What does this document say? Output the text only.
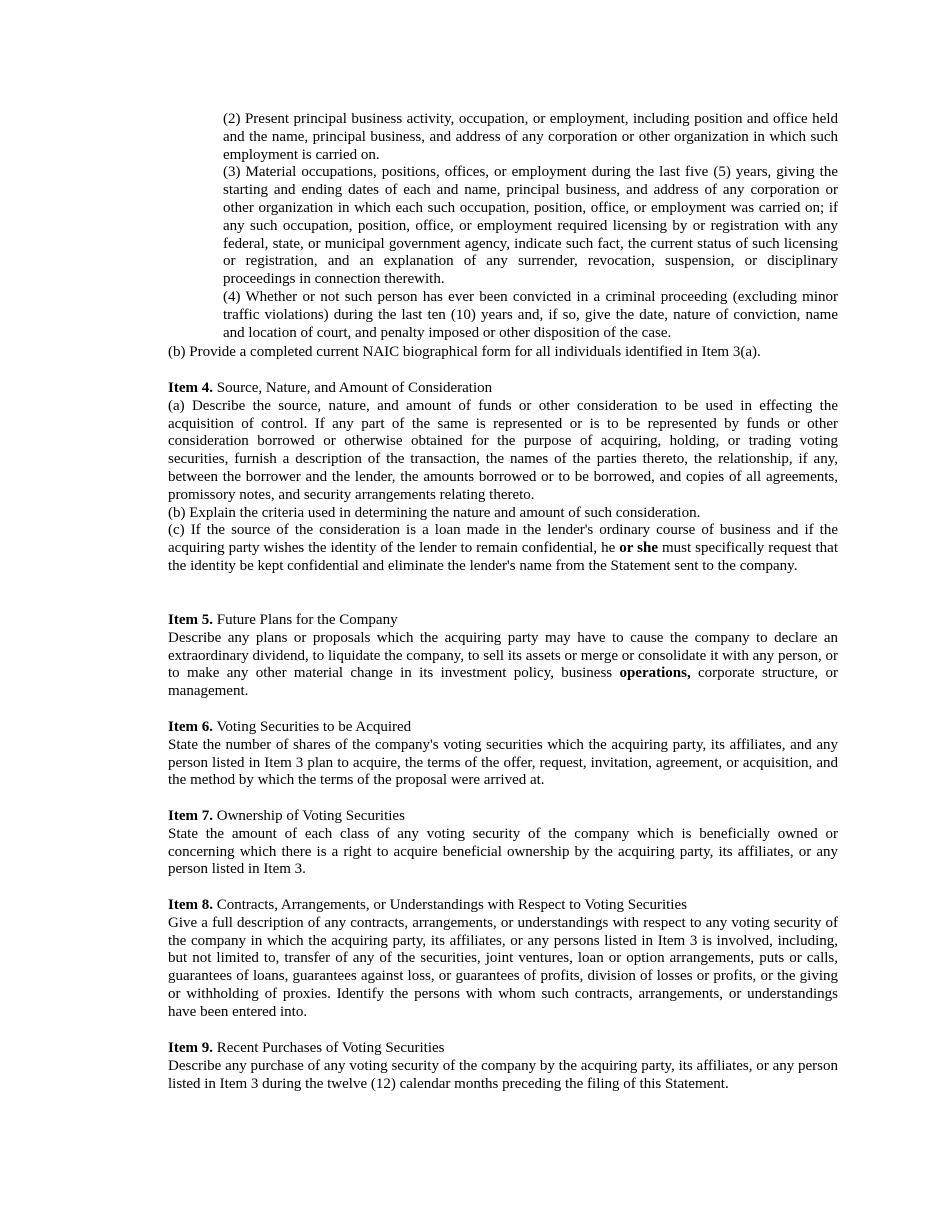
(2) Present principal business activity, occupation, or employment, including position and office held and the name, principal business, and address of any corporation or other organization in which such employment is carried on.

(3) Material occupations, positions, offices, or employment during the last five (5) years, giving the starting and ending dates of each and name, principal business, and address of any corporation or other organization in which each such occupation, position, office, or employment was carried on; if any such occupation, position, office, or employment required licensing by or registration with any federal, state, or municipal government agency, indicate such fact, the current status of such licensing or registration, and an explanation of any surrender, revocation, suspension, or disciplinary proceedings in connection therewith.

(4) Whether or not such person has ever been convicted in a criminal proceeding (excluding minor traffic violations) during the last ten (10) years and, if so, give the date, nature of conviction, name and location of court, and penalty imposed or other disposition of the case.

(b) Provide a completed current NAIC biographical form for all individuals identified in Item 3(a).

Item 4. Source, Nature, and Amount of Consideration

(a) Describe the source, nature, and amount of funds or other consideration to be used in effecting the acquisition of control. If any part of the same is represented or is to be represented by funds or other consideration borrowed or otherwise obtained for the purpose of acquiring, holding, or trading voting securities, furnish a description of the transaction, the names of the parties thereto, the relationship, if any, between the borrower and the lender, the amounts borrowed or to be borrowed, and copies of all agreements, promissory notes, and security arrangements relating thereto.

(b) Explain the criteria used in determining the nature and amount of such consideration.

(c) If the source of the consideration is a loan made in the lender's ordinary course of business and if the acquiring party wishes the identity of the lender to remain confidential, he or she must specifically request that the identity be kept confidential and eliminate the lender's name from the Statement sent to the company.

Item 5. Future Plans for the Company

Describe any plans or proposals which the acquiring party may have to cause the company to declare an extraordinary dividend, to liquidate the company, to sell its assets or merge or consolidate it with any person, or to make any other material change in its investment policy, business operations, corporate structure, or management.

Item 6. Voting Securities to be Acquired

State the number of shares of the company's voting securities which the acquiring party, its affiliates, and any person listed in Item 3 plan to acquire, the terms of the offer, request, invitation, agreement, or acquisition, and the method by which the terms of the proposal were arrived at.

Item 7. Ownership of Voting Securities

State the amount of each class of any voting security of the company which is beneficially owned or concerning which there is a right to acquire beneficial ownership by the acquiring party, its affiliates, or any person listed in Item 3.

Item 8. Contracts, Arrangements, or Understandings with Respect to Voting Securities

Give a full description of any contracts, arrangements, or understandings with respect to any voting security of the company in which the acquiring party, its affiliates, or any persons listed in Item 3 is involved, including, but not limited to, transfer of any of the securities, joint ventures, loan or option arrangements, puts or calls, guarantees of loans, guarantees against loss, or guarantees of profits, division of losses or profits, or the giving or withholding of proxies. Identify the persons with whom such contracts, arrangements, or understandings have been entered into.

Item 9. Recent Purchases of Voting Securities

Describe any purchase of any voting security of the company by the acquiring party, its affiliates, or any person listed in Item 3 during the twelve (12) calendar months preceding the filing of this Statement.
